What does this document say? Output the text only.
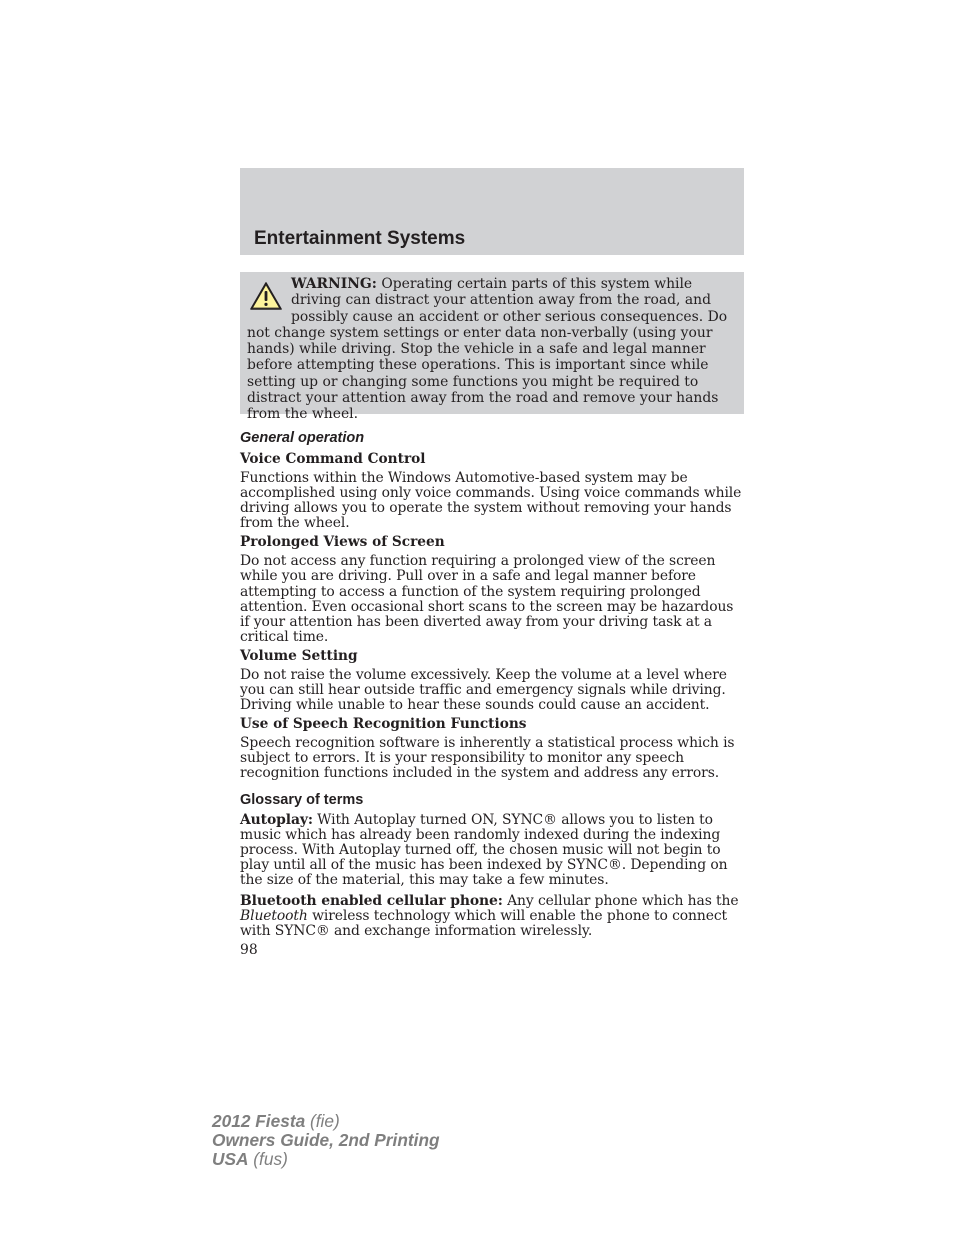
Entertainment Systems

WARNING: Operating certain parts of this system while driving can distract your attention away from the road, and possibly cause an accident or other serious consequences. Do not change system settings or enter data non-verbally (using your hands) while driving. Stop the vehicle in a safe and legal manner before attempting these operations. This is important since while setting up or changing some functions you might be required to distract your attention away from the road and remove your hands from the wheel.

General operation
Voice Command Control

Functions within the Windows Automotive-based system may be accomplished using only voice commands. Using voice commands while driving allows you to operate the system without removing your hands from the wheel.

Prolonged Views of Screen

Do not access any function requiring a prolonged view of the screen while you are driving. Pull over in a safe and legal manner before attempting to access a function of the system requiring prolonged attention. Even occasional short scans to the screen may be hazardous if your attention has been diverted away from your driving task at a critical time.

Volume Setting

Do not raise the volume excessively. Keep the volume at a level where you can still hear outside traffic and emergency signals while driving. Driving while unable to hear these sounds could cause an accident.

Use of Speech Recognition Functions

Speech recognition software is inherently a statistical process which is subject to errors. It is your responsibility to monitor any speech recognition functions included in the system and address any errors.

Glossary of terms

Autoplay: With Autoplay turned ON, SYNC® allows you to listen to music which has already been randomly indexed during the indexing process. With Autoplay turned off, the chosen music will not begin to play until all of the music has been indexed by SYNC®. Depending on the size of the material, this may take a few minutes.

Bluetooth enabled cellular phone: Any cellular phone which has the Bluetooth wireless technology which will enable the phone to connect with SYNC® and exchange information wirelessly.

98

2012 Fiesta (fie)
Owners Guide, 2nd Printing
USA (fus)
